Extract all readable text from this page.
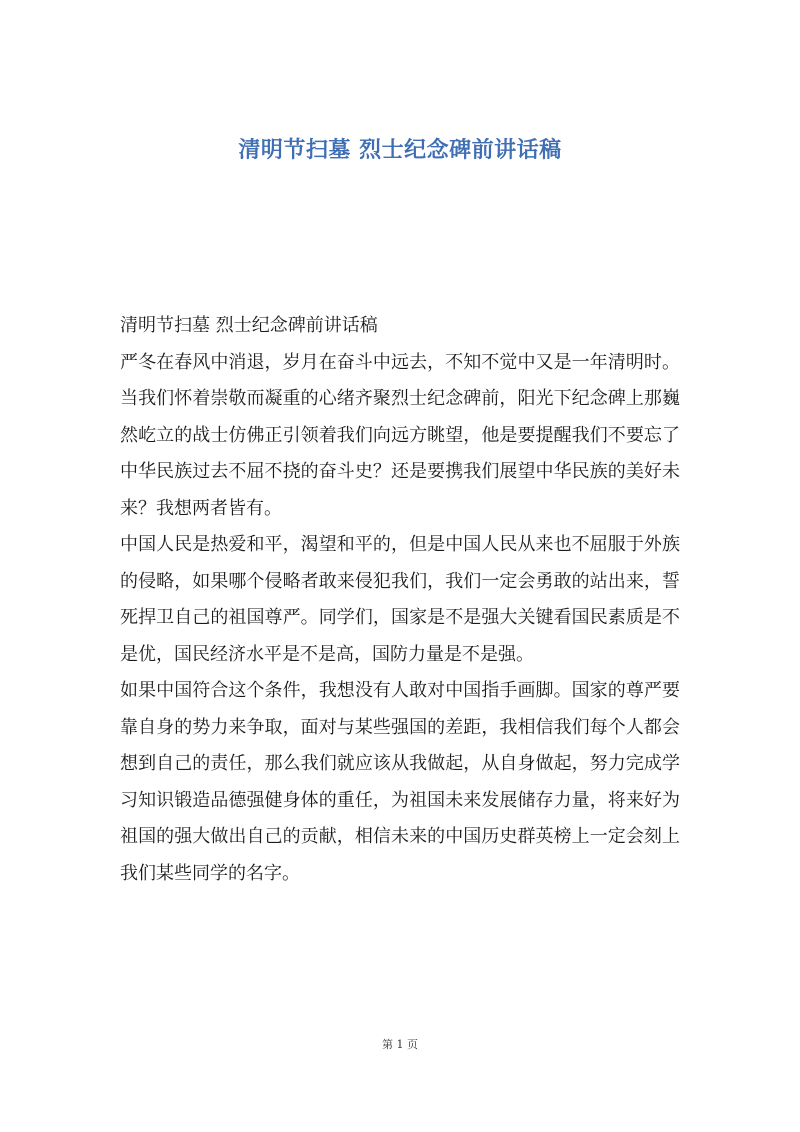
清明节扫墓 烈士纪念碑前讲话稿

清明节扫墓 烈士纪念碑前讲话稿

严冬在春风中消退，岁月在奋斗中远去，不知不觉中又是一年清明时。当我们怀着崇敬而凝重的心绪齐聚烈士纪念碑前，阳光下纪念碑上那巍然屹立的战士仿佛正引领着我们向远方眺望，他是要提醒我们不要忘了中华民族过去不屈不挠的奋斗史？还是要携我们展望中华民族的美好未来？我想两者皆有。

中国人民是热爱和平，渴望和平的，但是中国人民从来也不屈服于外族的侵略，如果哪个侵略者敢来侵犯我们，我们一定会勇敢的站出来，誓死捍卫自己的祖国尊严。同学们，国家是不是强大关键看国民素质是不是优，国民经济水平是不是高，国防力量是不是强。

如果中国符合这个条件，我想没有人敢对中国指手画脚。国家的尊严要靠自身的势力来争取，面对与某些强国的差距，我相信我们每个人都会想到自己的责任，那么我们就应该从我做起，从自身做起，努力完成学习知识锻造品德强健身体的重任，为祖国未来发展储存力量，将来好为祖国的强大做出自己的贡献，相信未来的中国历史群英榜上一定会刻上我们某些同学的名字。

第 1 页
